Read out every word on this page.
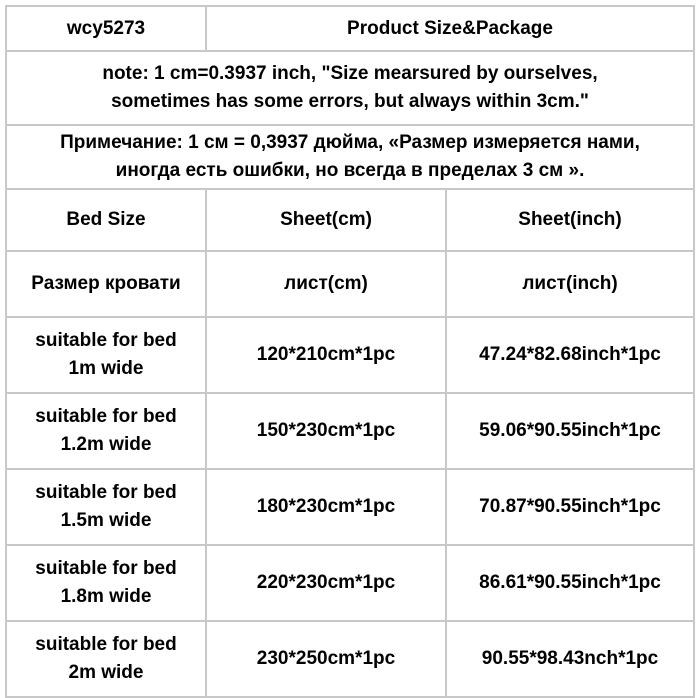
wcy5273	Product Size&Package	

note: 1 cm=0.3937 inch, "Size mearsured by ourselves,
sometimes has some errors, but always within 3cm."		

Примечание: 1 см = 0,3937 дюйма, «Размер измеряется нами,
иногда есть ошибки, но всегда в пределах 3 см ».		

Bed Size	Sheet(cm)	Sheet(inch)
Размер кровати	лист(cm)	лист(inch)

suitable for bed
1m wide	120*210cm*1pc	47.24*82.68inch*1pc

suitable for bed
1.2m wide	150*230cm*1pc	59.06*90.55inch*1pc

suitable for bed
1.5m wide	180*230cm*1pc	70.87*90.55inch*1pc

suitable for bed
1.8m wide	220*230cm*1pc	86.61*90.55inch*1pc

suitable for bed
2m wide	230*250cm*1pc	90.55*98.43nch*1pc
